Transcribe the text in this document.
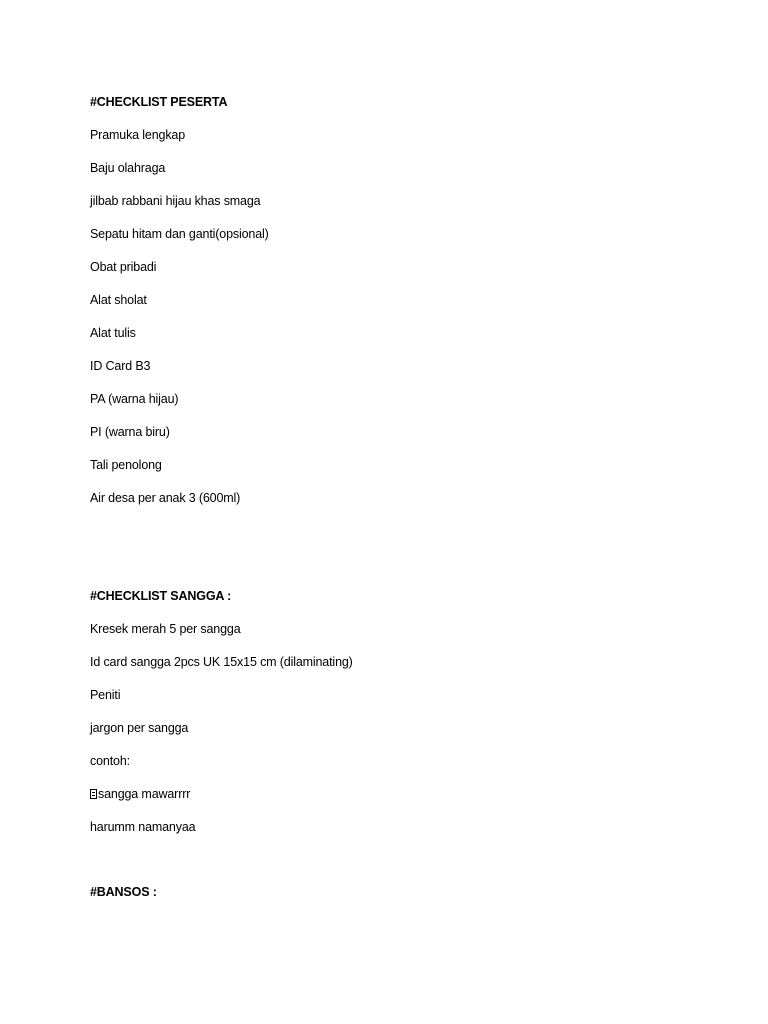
#CHECKLIST PESERTA
Pramuka lengkap
Baju olahraga
jilbab rabbani hijau khas smaga
Sepatu hitam dan ganti(opsional)
Obat pribadi
Alat sholat
Alat tulis
ID Card B3
PA (warna hijau)
PI (warna biru)
Tali penolong
Air desa per anak 3 (600ml)
#CHECKLIST SANGGA :
Kresek merah 5 per sangga
Id card sangga 2pcs UK 15x15 cm (dilaminating)
Peniti
jargon per sangga
contoh:
sangga mawarrrr
harumm namanyaa
#BANSOS :
